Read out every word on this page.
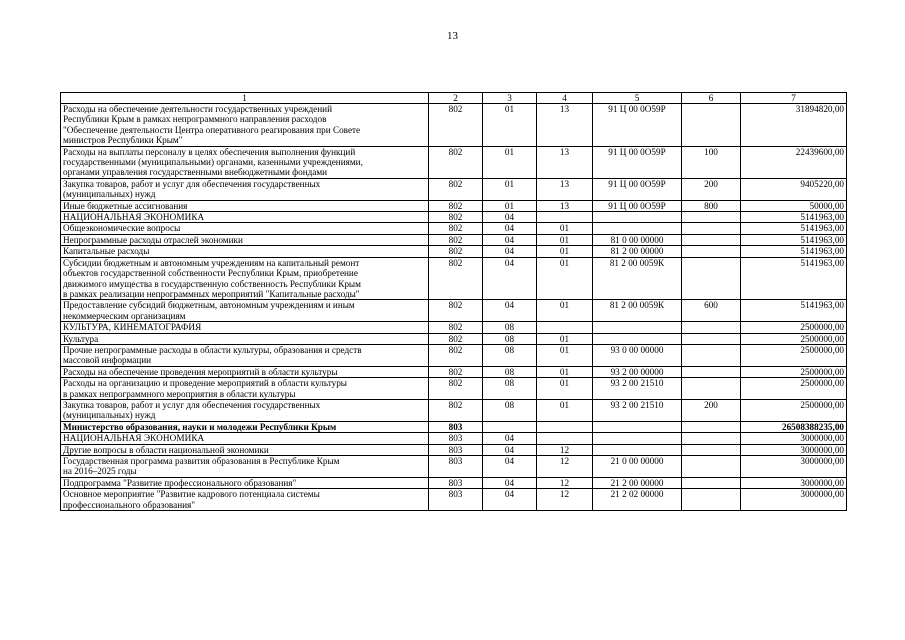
13
1	2	3	4	5	6	7

Расходы на обеспечение деятельности государственных учреждений
Республики Крым в рамках непрограммного направления расходов
"Обеспечение деятельности Центра оперативного реагирования при Совете
министров Республики Крым"	802	01	13	91 Ц 00 0О59Р		31894820,00

Расходы на выплаты персоналу в целях обеспечения выполнения функций
государственными (муниципальными) органами, казенными учреждениями,
органами управления государственными внебюджетными фондами	802	01	13	91 Ц 00 0О59Р	100	22439600,00

Закупка товаров, работ и услуг для обеспечения государственных
(муниципальных) нужд	802	01	13	91 Ц 00 0О59Р	200	9405220,00

Иные бюджетные ассигнования	802	01	13	91 Ц 00 0О59Р	800	50000,00

НАЦИОНАЛЬНАЯ ЭКОНОМИКА	802	04				5141963,00

Общеэкономические вопросы	802	04	01			5141963,00

Непрограммные расходы отраслей экономики	802	04	01	81 0 00 00000		5141963,00

Капитальные расходы	802	04	01	81 2 00 00000		5141963,00

Субсидии бюджетным и автономным учреждениям на капитальный ремонт
объектов государственной собственности Республики Крым, приобретение
движимого имущества в государственную собственность Республики Крым
в рамках реализации непрограммных мероприятий "Капитальные расходы"	802	04	01	81 2 00 0059К		5141963,00

Предоставление субсидий бюджетным, автономным учреждениям и иным
некоммерческим организациям	802	04	01	81 2 00 0059К	600	5141963,00

КУЛЬТУРА, КИНЕМАТОГРАФИЯ	802	08				2500000,00

Культура	802	08	01			2500000,00

Прочие непрограммные расходы в области культуры, образования и средств
массовой информации	802	08	01	93 0 00 00000		2500000,00

Расходы на обеспечение проведения мероприятий в области культуры	802	08	01	93 2 00 00000		2500000,00

Расходы на организацию и проведение мероприятий в области культуры
в рамках непрограммного мероприятия в области культуры	802	08	01	93 2 00 21510		2500000,00

Закупка товаров, работ и услуг для обеспечения государственных
(муниципальных) нужд	802	08	01	93 2 00 21510	200	2500000,00

Министерство образования, науки и молодежи Республики Крым	803					26508388235,00

НАЦИОНАЛЬНАЯ ЭКОНОМИКА	803	04				3000000,00

Другие вопросы в области национальной экономики	803	04	12			3000000,00

Государственная программа развития образования в Республике Крым
на 2016–2025 годы	803	04	12	21 0 00 00000		3000000,00

Подпрограмма "Развитие профессионального образования"	803	04	12	21 2 00 00000		3000000,00

Основное мероприятие "Развитие кадрового потенциала системы
профессионального образования"	803	04	12	21 2 02 00000		3000000,00
